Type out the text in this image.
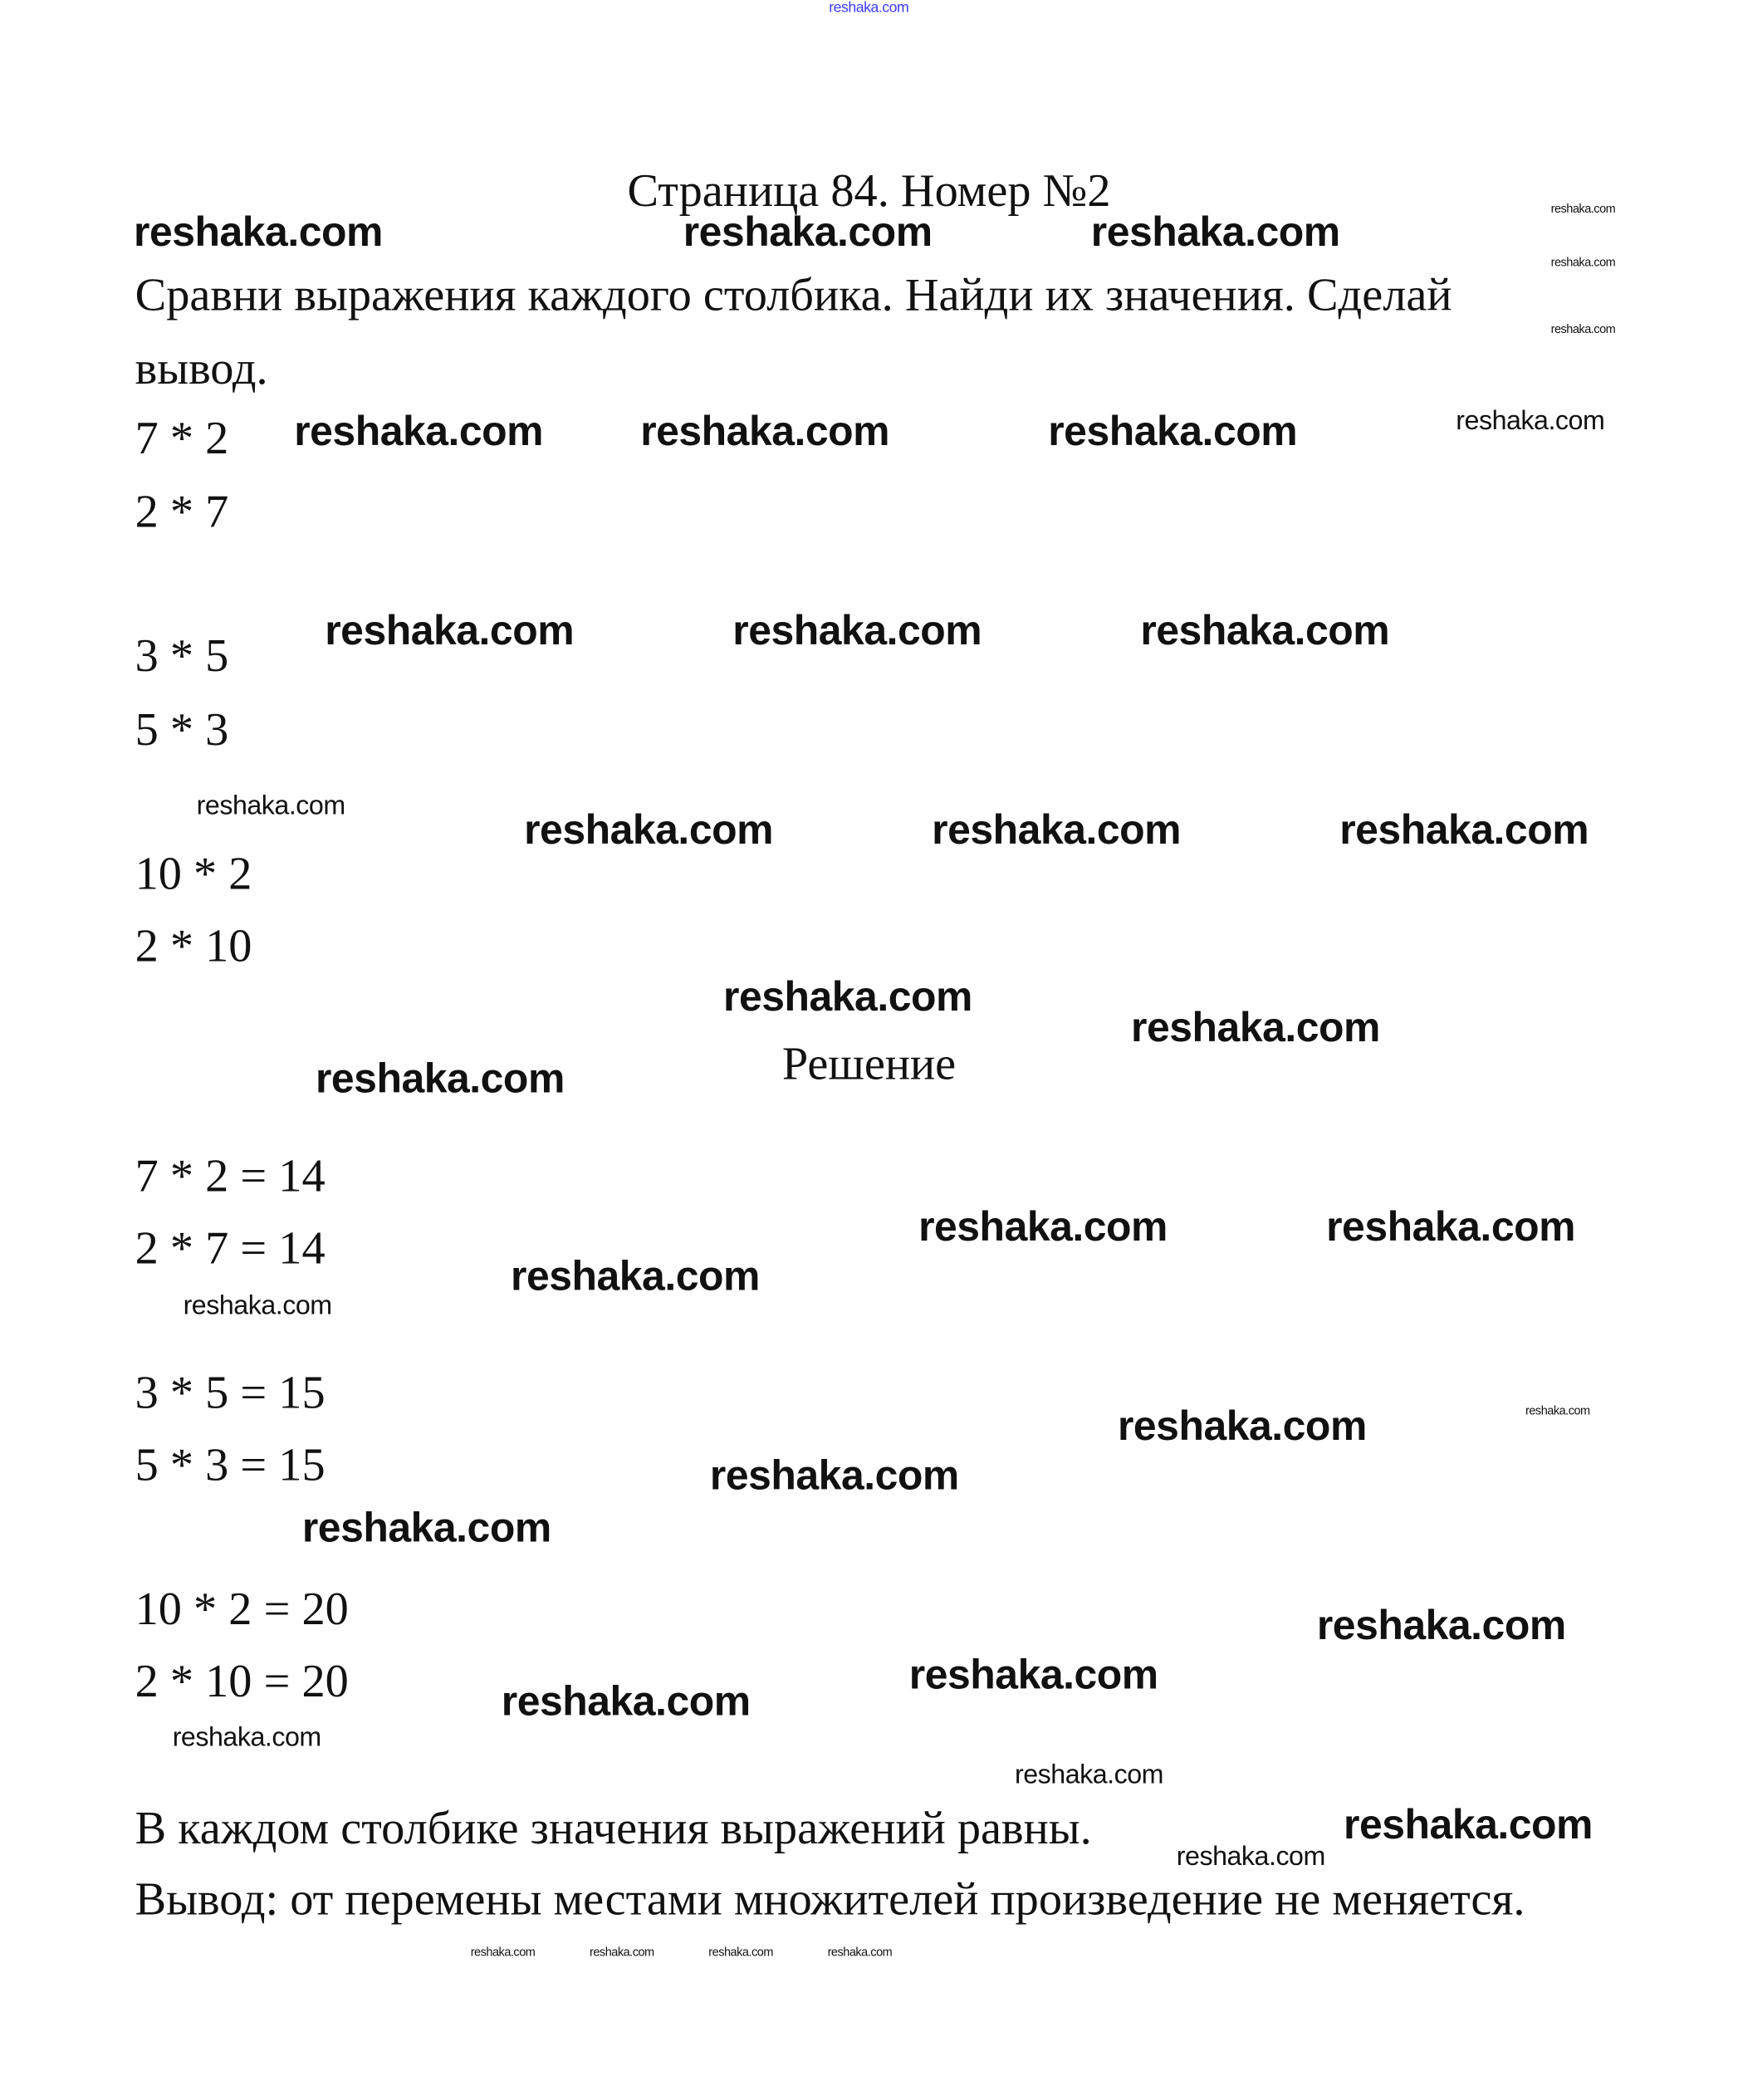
Страница 84. Номер №2
Сравни выражения каждого столбика. Найди их значения. Сделай
вывод.
7 * 2
2 * 7
3 * 5
5 * 3
10 * 2
2 * 10
Решение
7 * 2 = 14
2 * 7 = 14
3 * 5 = 15
5 * 3 = 15
10 * 2 = 20
2 * 10 = 20
В каждом столбике значения выражений равны.
Вывод: от перемены местами множителей произведение не меняется.
reshaka.com	reshaka.com	reshaka.com
reshaka.com	reshaka.com	reshaka.com
reshaka.com	reshaka.com	reshaka.com
reshaka.com	reshaka.com	reshaka.com
reshaka.com
reshaka.com
reshaka.com
reshaka.com	reshaka.com
reshaka.com
reshaka.com
reshaka.com
reshaka.com
reshaka.com
reshaka.com
reshaka.com
reshaka.com
reshaka.com
reshaka.com
reshaka.com
reshaka.com
reshaka.com
reshaka.com
reshaka.com
reshaka.com
reshaka.com
reshaka.com
reshaka.com	reshaka.com	reshaka.com	reshaka.com
reshaka.com
